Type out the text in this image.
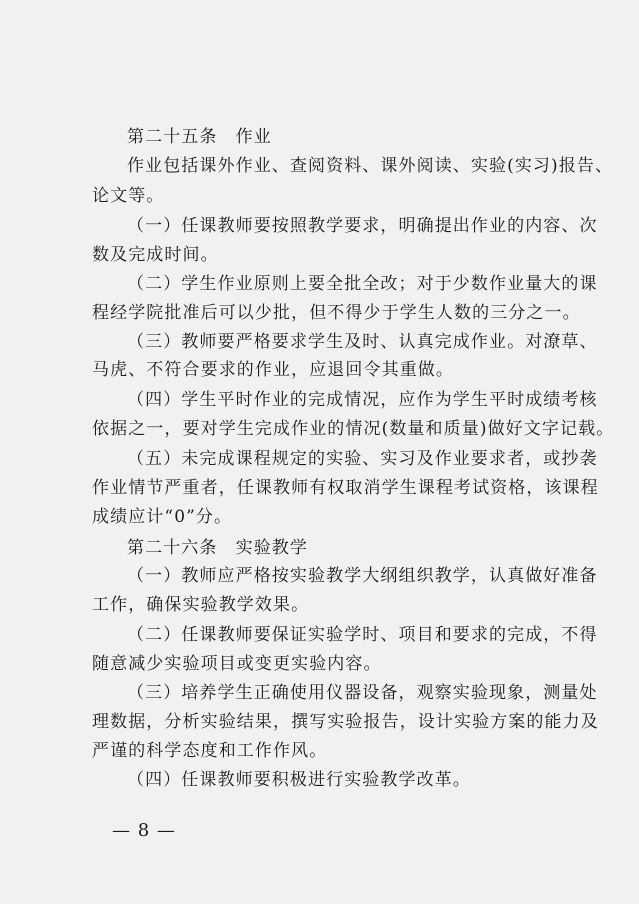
第二十五条　作业
作业包括课外作业、查阅资料、课外阅读、实验(实习)报告、
论文等。
（一）任课教师要按照教学要求，明确提出作业的内容、次
数及完成时间。
（二）学生作业原则上要全批全改；对于少数作业量大的课
程经学院批准后可以少批，但不得少于学生人数的三分之一。
（三）教师要严格要求学生及时、认真完成作业。对潦草、
马虎、不符合要求的作业，应退回令其重做。
（四）学生平时作业的完成情况，应作为学生平时成绩考核
依据之一，要对学生完成作业的情况(数量和质量)做好文字记载。
（五）未完成课程规定的实验、实习及作业要求者，或抄袭
作业情节严重者，任课教师有权取消学生课程考试资格，该课程
成绩应计“0”分。
第二十六条　实验教学
（一）教师应严格按实验教学大纲组织教学，认真做好准备
工作，确保实验教学效果。
（二）任课教师要保证实验学时、项目和要求的完成，不得
随意减少实验项目或变更实验内容。
（三）培养学生正确使用仪器设备，观察实验现象，测量处
理数据，分析实验结果，撰写实验报告，设计实验方案的能力及
严谨的科学态度和工作作风。
（四）任课教师要积极进行实验教学改革。
— 8 —
